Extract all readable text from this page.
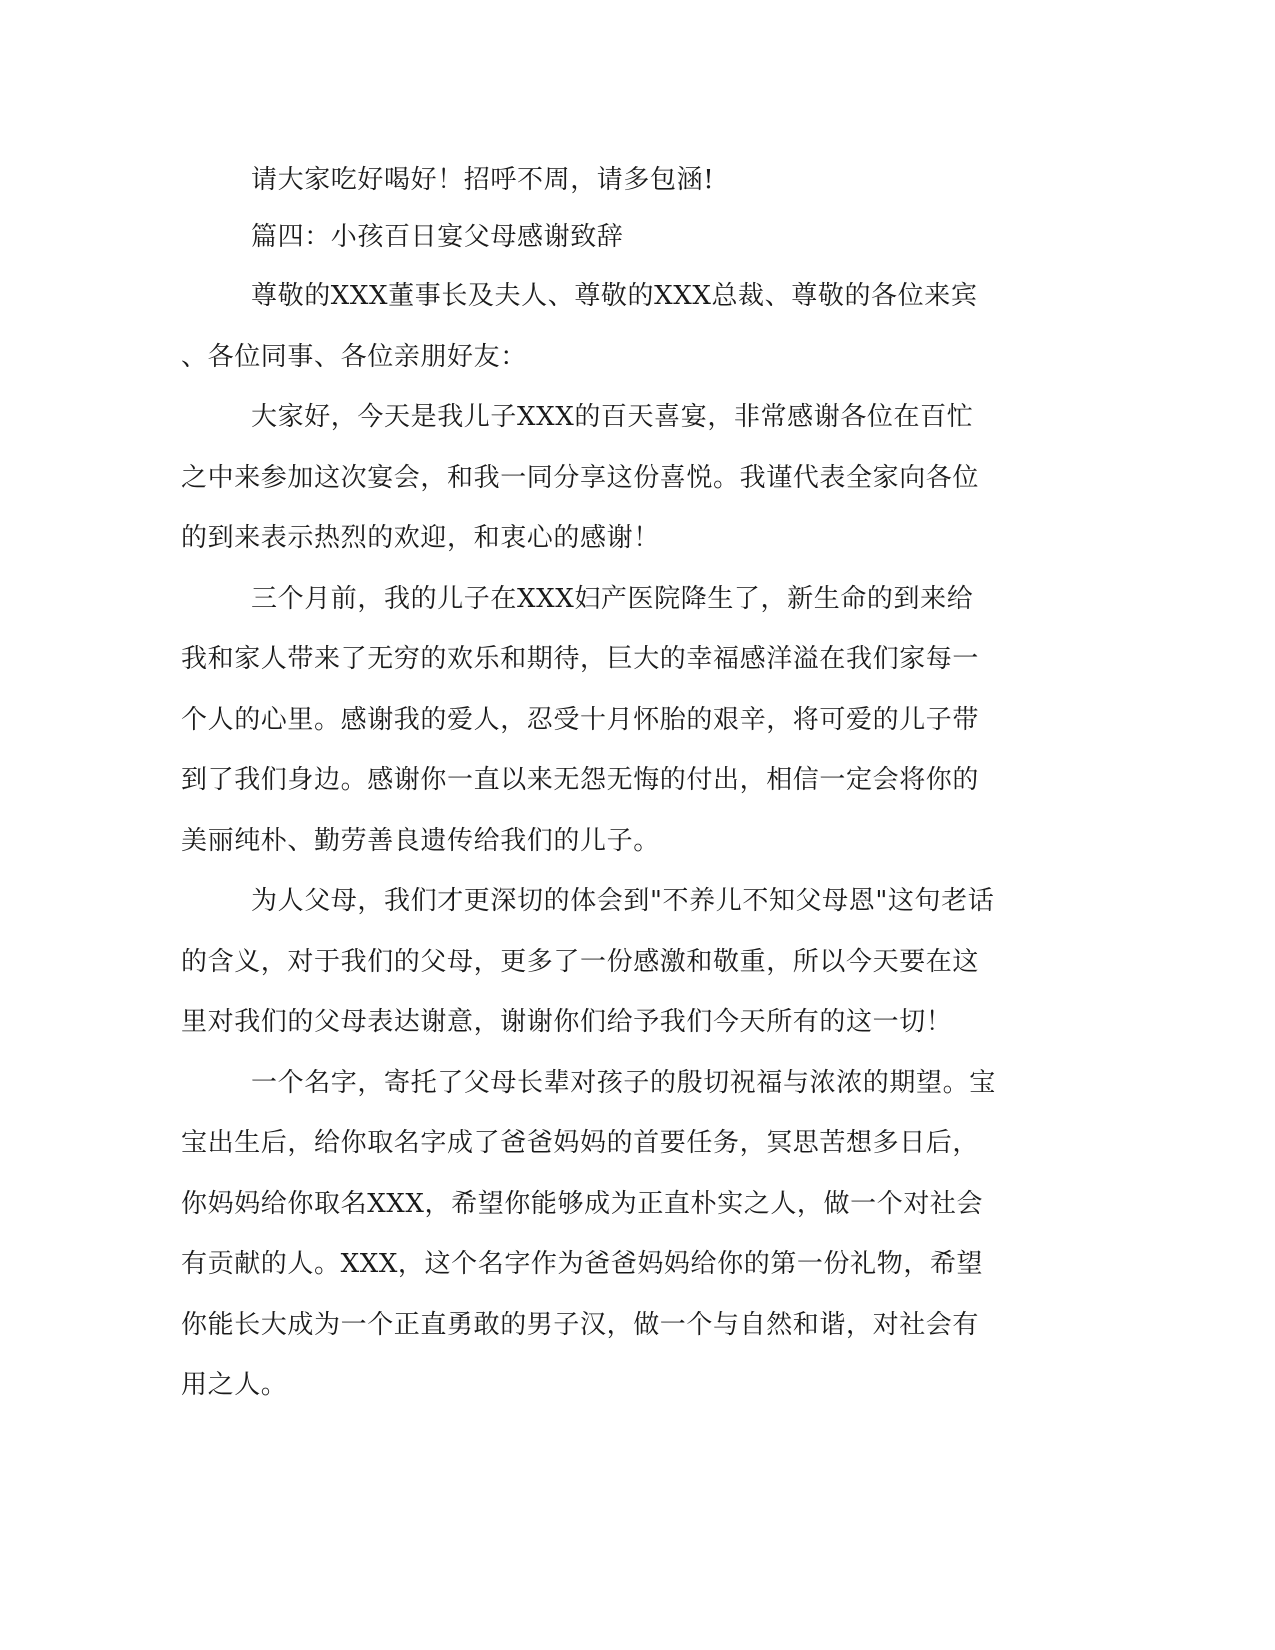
请大家吃好喝好！招呼不周，请多包涵!
篇四：小孩百日宴父母感谢致辞
尊敬的XXX董事长及夫人、尊敬的XXX总裁、尊敬的各位来宾
、各位同事、各位亲朋好友：
大家好，今天是我儿子XXX的百天喜宴，非常感谢各位在百忙
之中来参加这次宴会，和我一同分享这份喜悦。我谨代表全家向各位
的到来表示热烈的欢迎，和衷心的感谢！
三个月前，我的儿子在XXX妇产医院降生了，新生命的到来给
我和家人带来了无穷的欢乐和期待，巨大的幸福感洋溢在我们家每一
个人的心里。感谢我的爱人，忍受十月怀胎的艰辛，将可爱的儿子带
到了我们身边。感谢你一直以来无怨无悔的付出，相信一定会将你的
美丽纯朴、勤劳善良遗传给我们的儿子。
为人父母，我们才更深切的体会到"不养儿不知父母恩"这句老话
的含义，对于我们的父母，更多了一份感激和敬重，所以今天要在这
里对我们的父母表达谢意，谢谢你们给予我们今天所有的这一切！
一个名字，寄托了父母长辈对孩子的殷切祝福与浓浓的期望。宝
宝出生后，给你取名字成了爸爸妈妈的首要任务，冥思苦想多日后，
你妈妈给你取名XXX，希望你能够成为正直朴实之人，做一个对社会
有贡献的人。XXX，这个名字作为爸爸妈妈给你的第一份礼物，希望
你能长大成为一个正直勇敢的男子汉，做一个与自然和谐，对社会有
用之人。
